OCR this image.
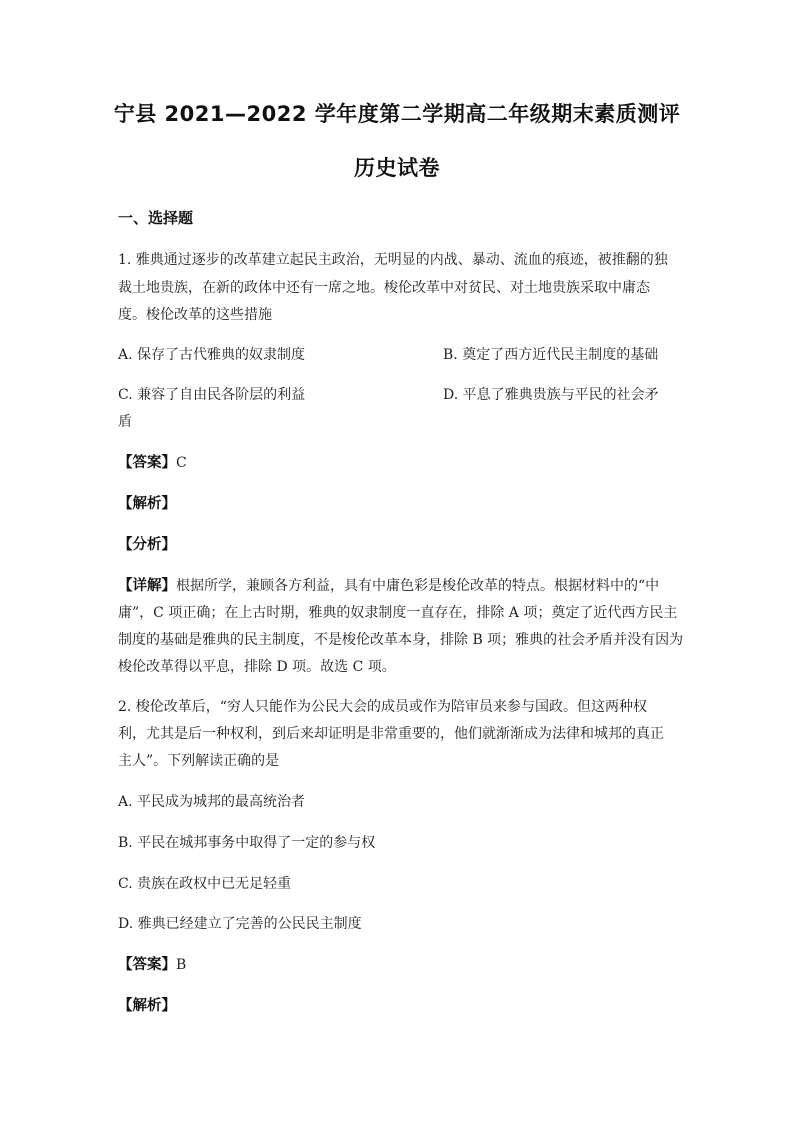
宁县 2021—2022 学年度第二学期高二年级期末素质测评
历史试卷
一、选择题
1. 雅典通过逐步的改革建立起民主政治，无明显的内战、暴动、流血的痕迹，被推翻的独
裁土地贵族，在新的政体中还有一席之地。梭伦改革中对贫民、对土地贵族采取中庸态
度。梭伦改革的这些措施
A. 保存了古代雅典的奴隶制度	B. 奠定了西方近代民主制度的基础
C. 兼容了自由民各阶层的利益	D. 平息了雅典贵族与平民的社会矛
盾
【答案】C
【解析】
【分析】
【详解】根据所学，兼顾各方利益，具有中庸色彩是梭伦改革的特点。根据材料中的“中
庸”，C 项正确；在上古时期，雅典的奴隶制度一直存在，排除 A 项；奠定了近代西方民主
制度的基础是雅典的民主制度，不是梭伦改革本身，排除 B 项；雅典的社会矛盾并没有因为
梭伦改革得以平息，排除 D 项。故选 C 项。
2. 梭伦改革后，“穷人只能作为公民大会的成员或作为陪审员来参与国政。但这两种权
利，尤其是后一种权利，到后来却证明是非常重要的，他们就渐渐成为法律和城邦的真正
主人”。下列解读正确的是
A. 平民成为城邦的最高统治者
B. 平民在城邦事务中取得了一定的参与权
C. 贵族在政权中已无足轻重
D. 雅典已经建立了完善的公民民主制度
【答案】B
【解析】
